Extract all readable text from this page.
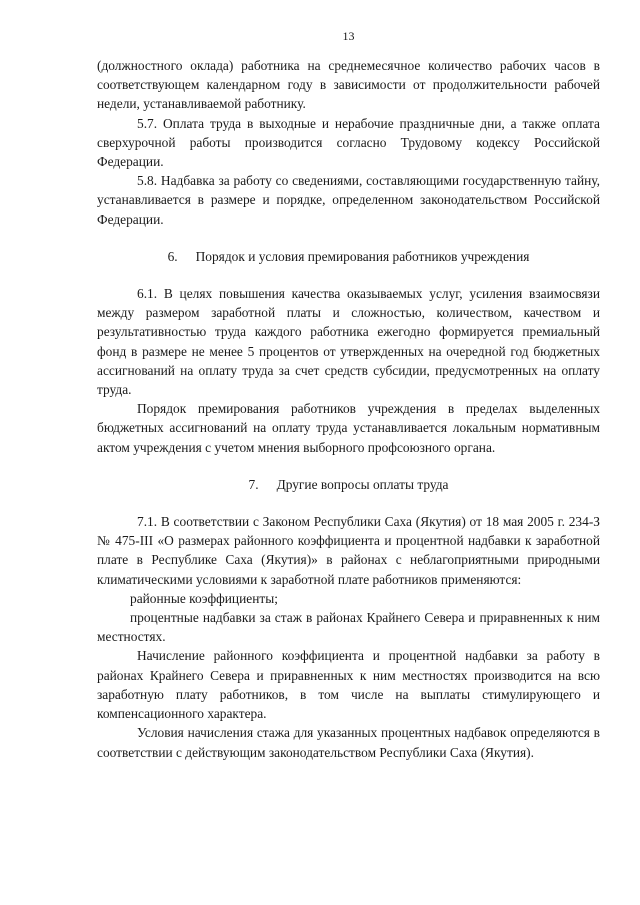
13

(должностного оклада) работника на среднемесячное количество рабочих часов в соответствующем календарном году в зависимости от продолжительности рабочей недели, устанавливаемой работнику.

5.7. Оплата труда в выходные и нерабочие праздничные дни, а также оплата сверхурочной работы производится согласно Трудовому кодексу Российской Федерации.

5.8. Надбавка за работу со сведениями, составляющими государственную тайну, устанавливается в размере и порядке, определенном законодательством Российской Федерации.

6. Порядок и условия премирования работников учреждения

6.1. В целях повышения качества оказываемых услуг, усиления взаимосвязи между размером заработной платы и сложностью, количеством, качеством и результативностью труда каждого работника ежегодно формируется премиальный фонд в размере не менее 5 процентов от утвержденных на очередной год бюджетных ассигнований на оплату труда за счет средств субсидии, предусмотренных на оплату труда.

Порядок премирования работников учреждения в пределах выделенных бюджетных ассигнований на оплату труда устанавливается локальным нормативным актом учреждения с учетом мнения выборного профсоюзного органа.

7. Другие вопросы оплаты труда

7.1. В соответствии с Законом Республики Саха (Якутия) от 18 мая 2005 г. 234-З № 475-III «О размерах районного коэффициента и процентной надбавки к заработной плате в Республике Саха (Якутия)» в районах с неблагоприятными природными климатическими условиями к заработной плате работников применяются:

районные коэффициенты;

процентные надбавки за стаж в районах Крайнего Севера и приравненных к ним местностях.

Начисление районного коэффициента и процентной надбавки за работу в районах Крайнего Севера и приравненных к ним местностях производится на всю заработную плату работников, в том числе на выплаты стимулирующего и компенсационного характера.

Условия начисления стажа для указанных процентных надбавок определяются в соответствии с действующим законодательством Республики Саха (Якутия).
